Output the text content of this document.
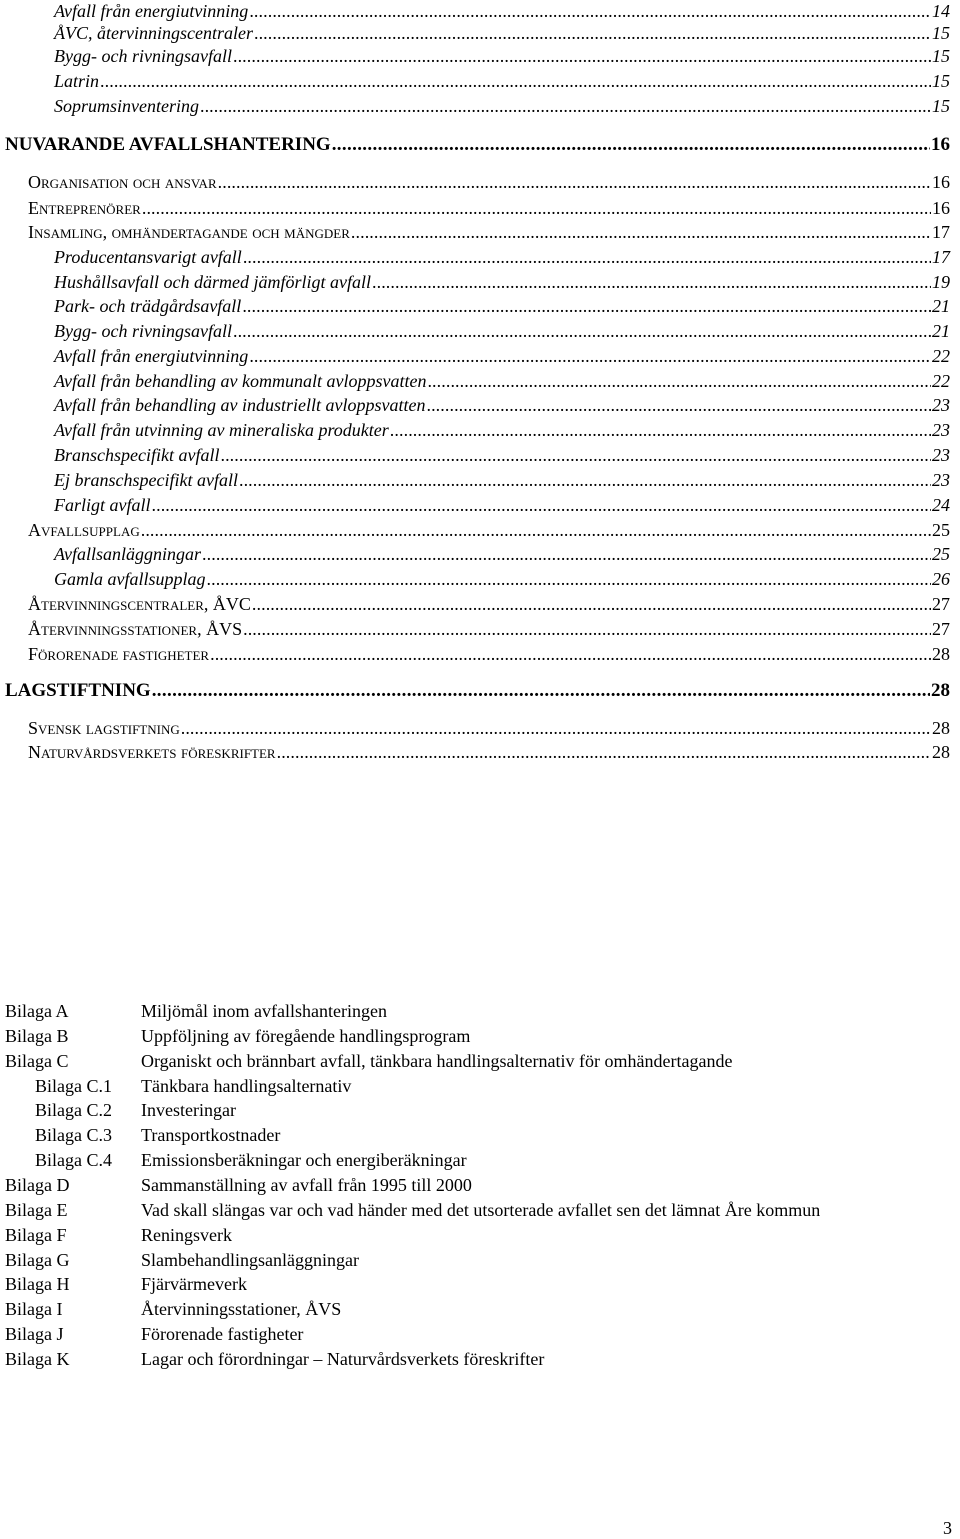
Avfall från energiutvinning . . .	14
ÅVC, återvinningscentraler . . .	15
Bygg- och rivningsavfall . . .	15
Latrin . . .	15
Soprumsinventering . . .	15
NUVARANDE AVFALLSHANTERING . . .	16
Organisation och ansvar . . .	16
Entreprenörer . . .	16
Insamling, omhändertagande och mängder . . .	17
Producentansvarigt avfall . . .	17
Hushållsavfall och därmed jämförligt avfall . . .	19
Park- och trädgårdsavfall . . .	21
Bygg- och rivningsavfall . . .	21
Avfall från energiutvinning . . .	22
Avfall från behandling av kommunalt avloppsvatten . . .	22
Avfall från behandling av industriellt avloppsvatten . . .	23
Avfall från utvinning av mineraliska produkter . . .	23
Branschspecifikt avfall . . .	23
Ej branschspecifikt avfall . . .	23
Farligt avfall . . .	24
Avfallsupplag . . .	25
Avfallsanläggningar . . .	25
Gamla avfallsupplag . . .	26
Återvinningscentraler, ÅVC . . .	27
Återvinningsstationer, ÅVS . . .	27
Förorenade fastigheter . . .	28
LAGSTIFTNING . . .	28
Svensk lagstiftning . . .	28
Naturvårdsverkets föreskrifter . . .	28
Bilaga A	Miljömål inom avfallshanteringen
Bilaga B	Uppföljning av föregående handlingsprogram
Bilaga C	Organiskt och brännbart avfall, tänkbara handlingsalternativ för omhändertagande
Bilaga C.1	Tänkbara handlingsalternativ
Bilaga C.2	Investeringar
Bilaga C.3	Transportkostnader
Bilaga C.4	Emissionsberäkningar och energiberäkningar
Bilaga D	Sammanställning av avfall från 1995 till 2000
Bilaga E	Vad skall slängas var och vad händer med det utsorterade avfallet sen det lämnat Åre kommun
Bilaga F	Reningsverk
Bilaga G	Slambehandlingsanläggningar
Bilaga H	Fjärvärmeverk
Bilaga I	Återvinningsstationer, ÅVS
Bilaga J	Förorenade fastigheter
Bilaga K	Lagar och förordningar – Naturvårdsverkets föreskrifter
3
